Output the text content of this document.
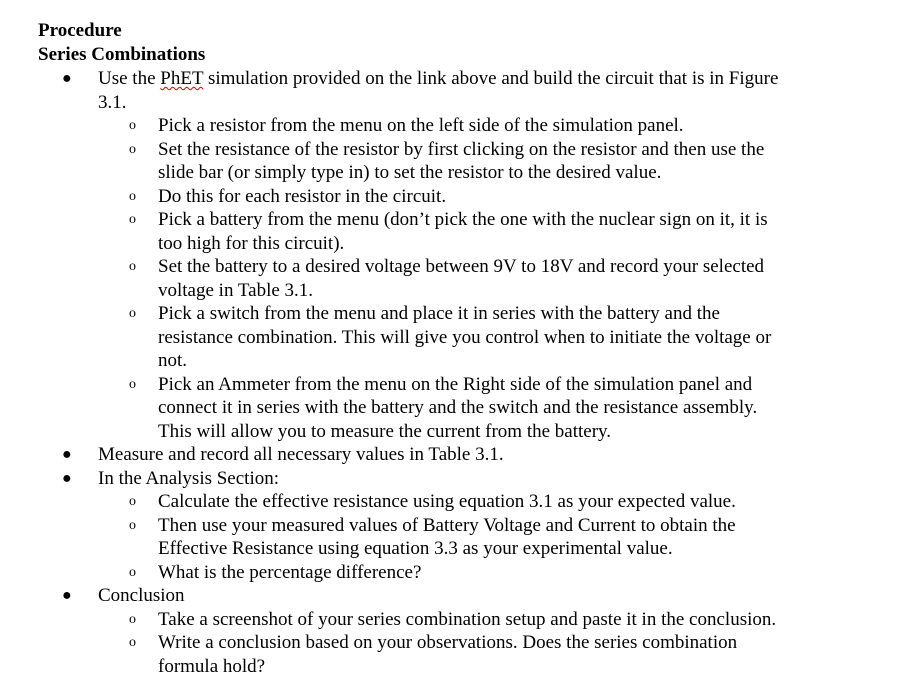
Procedure
Series Combinations
● Use the PhET simulation provided on the link above and build the circuit that is in Figure
3.1.
o Pick a resistor from the menu on the left side of the simulation panel.
o Set the resistance of the resistor by first clicking on the resistor and then use the
slide bar (or simply type in) to set the resistor to the desired value.
o Do this for each resistor in the circuit.
o Pick a battery from the menu (don’t pick the one with the nuclear sign on it, it is
too high for this circuit).
o Set the battery to a desired voltage between 9V to 18V and record your selected
voltage in Table 3.1.
o Pick a switch from the menu and place it in series with the battery and the
resistance combination. This will give you control when to initiate the voltage or
not.
o Pick an Ammeter from the menu on the Right side of the simulation panel and
connect it in series with the battery and the switch and the resistance assembly.
This will allow you to measure the current from the battery.
● Measure and record all necessary values in Table 3.1.
● In the Analysis Section:
o Calculate the effective resistance using equation 3.1 as your expected value.
o Then use your measured values of Battery Voltage and Current to obtain the
Effective Resistance using equation 3.3 as your experimental value.
o What is the percentage difference?
● Conclusion
o Take a screenshot of your series combination setup and paste it in the conclusion.
o Write a conclusion based on your observations. Does the series combination
formula hold?
